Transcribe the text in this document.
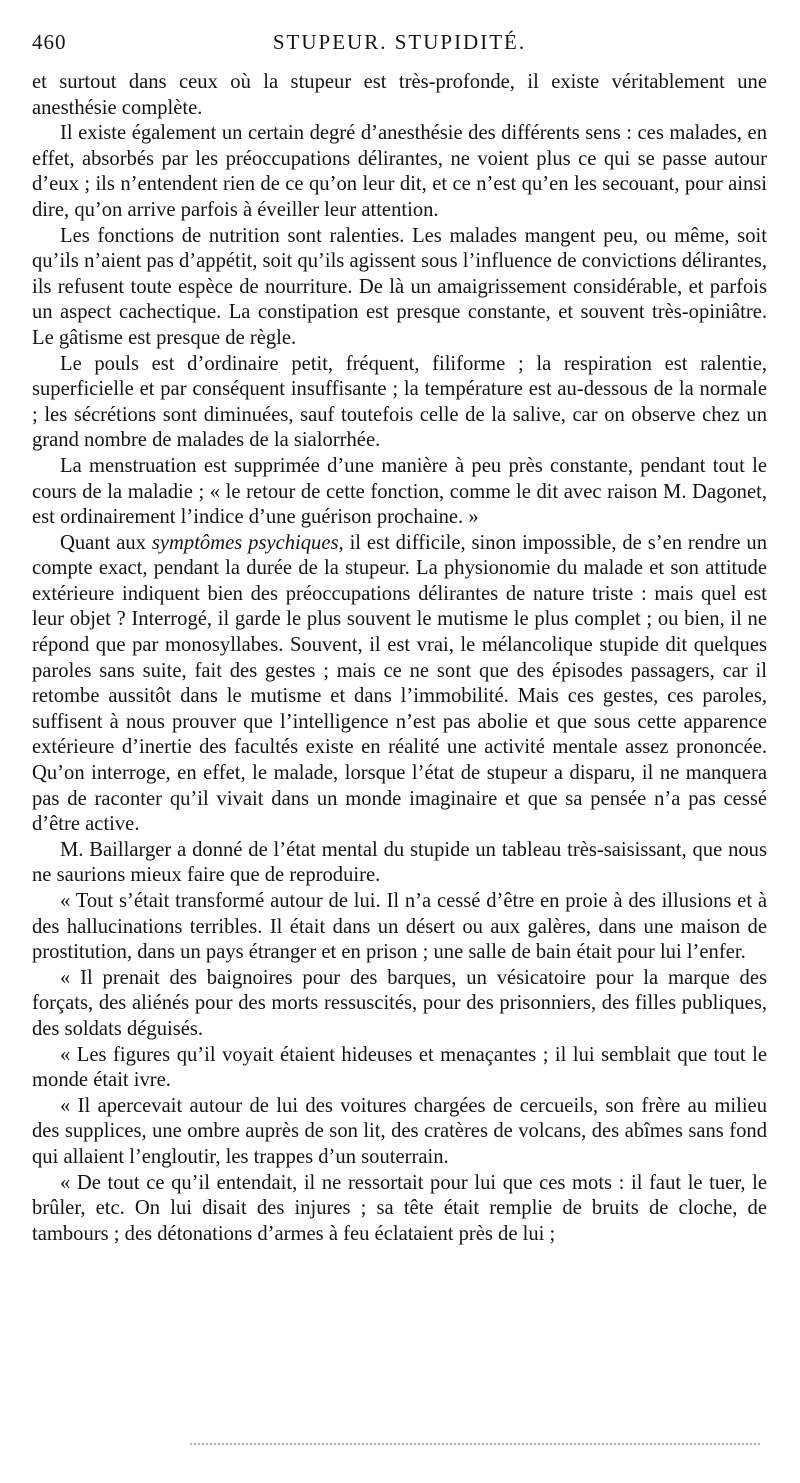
460	STUPEUR. STUPIDITÉ.

et surtout dans ceux où la stupeur est très-profonde, il existe véritablement une anesthésie complète.

Il existe également un certain degré d’anesthésie des différents sens : ces malades, en effet, absorbés par les préoccupations délirantes, ne voient plus ce qui se passe autour d’eux ; ils n’entendent rien de ce qu’on leur dit, et ce n’est qu’en les secouant, pour ainsi dire, qu’on arrive parfois à éveiller leur attention.

Les fonctions de nutrition sont ralenties. Les malades mangent peu, ou même, soit qu’ils n’aient pas d’appétit, soit qu’ils agissent sous l’influence de convictions délirantes, ils refusent toute espèce de nourriture. De là un amaigrissement considérable, et parfois un aspect cachectique. La constipation est presque constante, et souvent très-opiniâtre. Le gâtisme est presque de règle.

Le pouls est d’ordinaire petit, fréquent, filiforme ; la respiration est ralentie, superficielle et par conséquent insuffisante ; la température est au-dessous de la normale ; les sécrétions sont diminuées, sauf toutefois celle de la salive, car on observe chez un grand nombre de malades de la sialorrhée.

La menstruation est supprimée d’une manière à peu près constante, pendant tout le cours de la maladie ; « le retour de cette fonction, comme le dit avec raison M. Dagonet, est ordinairement l’indice d’une guérison prochaine. »

Quant aux symptômes psychiques, il est difficile, sinon impossible, de s’en rendre un compte exact, pendant la durée de la stupeur. La physionomie du malade et son attitude extérieure indiquent bien des préoccupations délirantes de nature triste : mais quel est leur objet ? Interrogé, il garde le plus souvent le mutisme le plus complet ; ou bien, il ne répond que par monosyllabes. Souvent, il est vrai, le mélancolique stupide dit quelques paroles sans suite, fait des gestes ; mais ce ne sont que des épisodes passagers, car il retombe aussitôt dans le mutisme et dans l’immobilité. Mais ces gestes, ces paroles, suffisent à nous prouver que l’intelligence n’est pas abolie et que sous cette apparence extérieure d’inertie des facultés existe en réalité une activité mentale assez prononcée. Qu’on interroge, en effet, le malade, lorsque l’état de stupeur a disparu, il ne manquera pas de raconter qu’il vivait dans un monde imaginaire et que sa pensée n’a pas cessé d’être active.

M. Baillarger a donné de l’état mental du stupide un tableau très-saisissant, que nous ne saurions mieux faire que de reproduire.

« Tout s’était transformé autour de lui. Il n’a cessé d’être en proie à des illusions et à des hallucinations terribles. Il était dans un désert ou aux galères, dans une maison de prostitution, dans un pays étranger et en prison ; une salle de bain était pour lui l’enfer.

« Il prenait des baignoires pour des barques, un vésicatoire pour la marque des forçats, des aliénés pour des morts ressuscités, pour des prisonniers, des filles publiques, des soldats déguisés.

« Les figures qu’il voyait étaient hideuses et menaçantes ; il lui semblait que tout le monde était ivre.

« Il apercevait autour de lui des voitures chargées de cercueils, son frère au milieu des supplices, une ombre auprès de son lit, des cratères de volcans, des abîmes sans fond qui allaient l’engloutir, les trappes d’un souterrain.

« De tout ce qu’il entendait, il ne ressortait pour lui que ces mots : il faut le tuer, le brûler, etc. On lui disait des injures ; sa tête était remplie de bruits de cloche, de tambours ; des détonations d’armes à feu éclataient près de lui ;
